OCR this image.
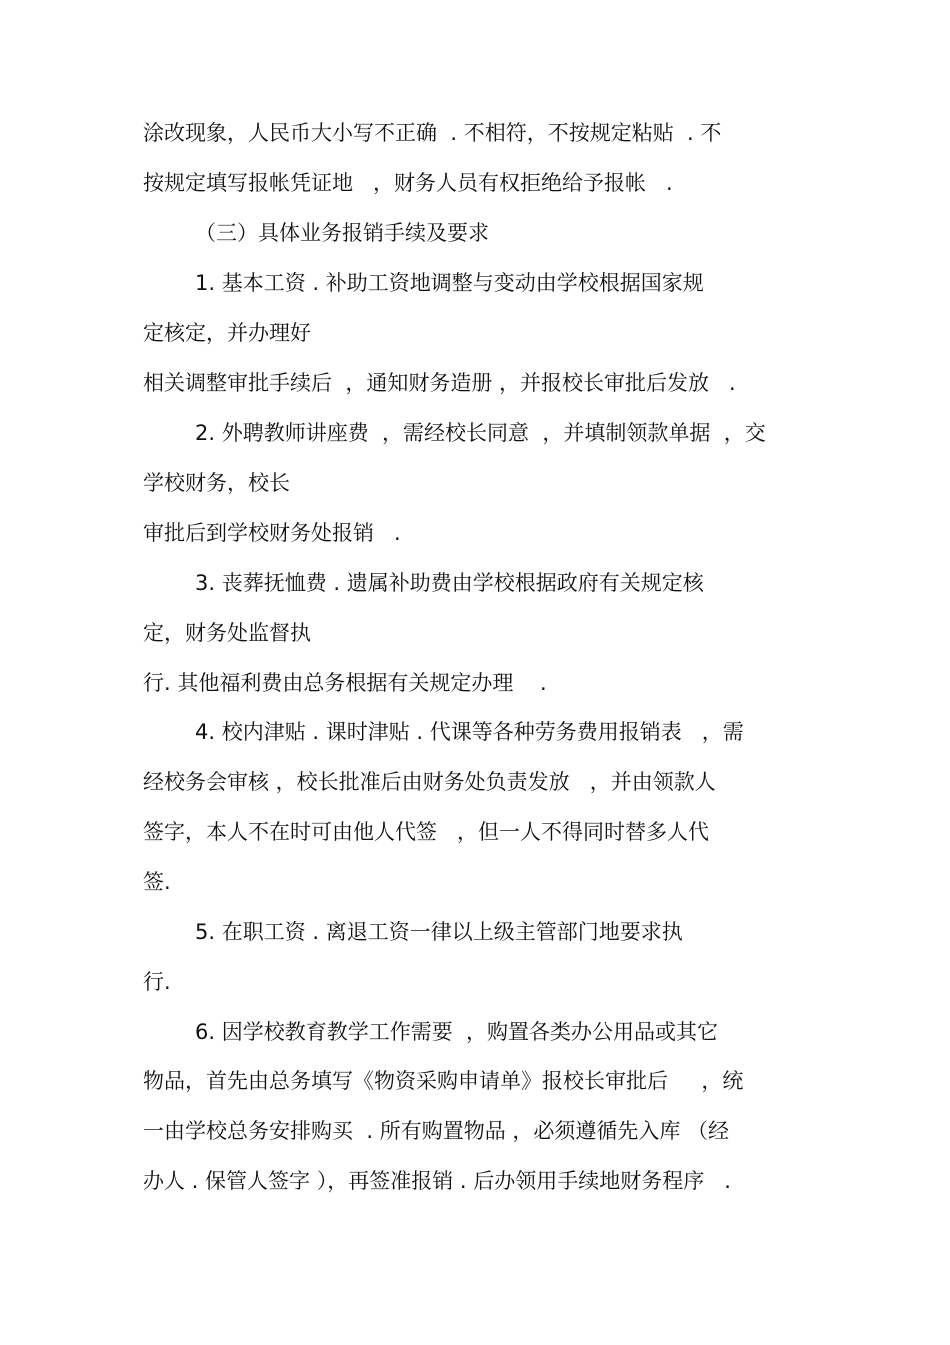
涂改现象，人民币大小写不正确  . 不相符，不按规定粘贴  . 不
按规定填写报帐凭证地   ，财务人员有权拒绝给予报帐   .
（三）具体业务报销手续及要求
1. 基本工资 . 补助工资地调整与变动由学校根据国家规
定核定，并办理好
相关调整审批手续后  ，通知财务造册 ，并报校长审批后发放   .
2. 外聘教师讲座费  ，需经校长同意  ，并填制领款单据  ，交
学校财务，校长
审批后到学校财务处报销   .
3. 丧葬抚恤费 . 遗属补助费由学校根据政府有关规定核
定，财务处监督执
行. 其他福利费由总务根据有关规定办理    .
4. 校内津贴 . 课时津贴 . 代课等各种劳务费用报销表   ，需
经校务会审核 ，校长批准后由财务处负责发放   ，并由领款人
签字，本人不在时可由他人代签   ，但一人不得同时替多人代
签.
5. 在职工资 . 离退工资一律以上级主管部门地要求执
行.
6. 因学校教育教学工作需要  ，购置各类办公用品或其它
物品，首先由总务填写《物资采购申请单》报校长审批后     ，统
一由学校总务安排购买  . 所有购置物品 ，必须遵循先入库 （经
办人 . 保管人签字 ），再签准报销 . 后办领用手续地财务程序   .
